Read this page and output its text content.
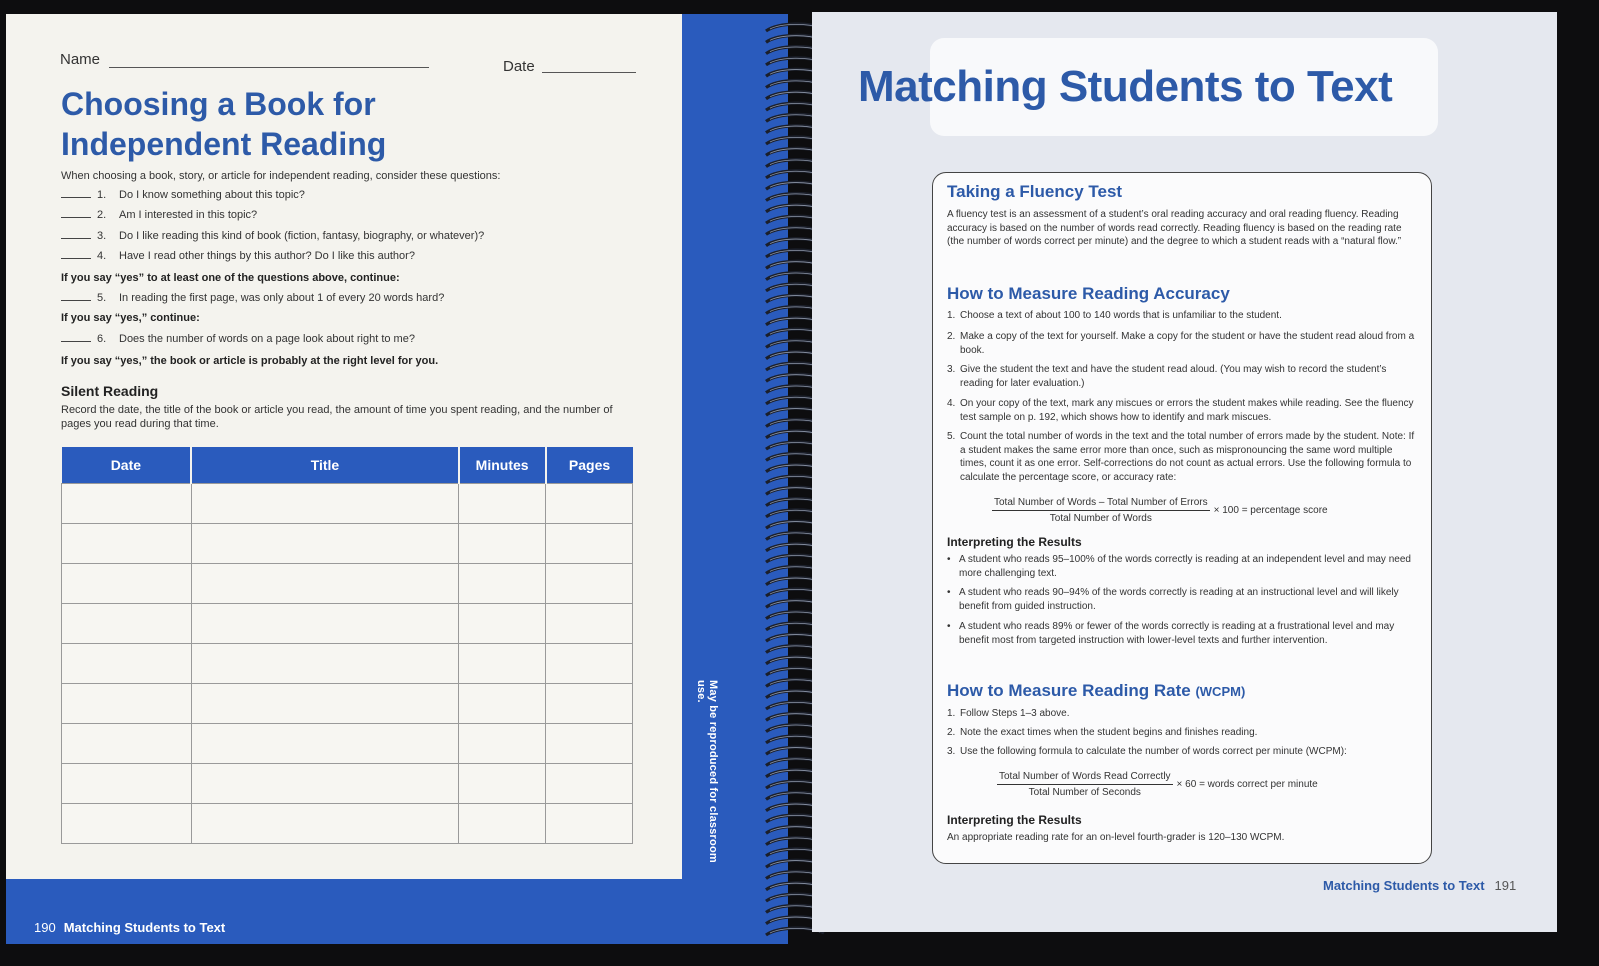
Name	Date
Choosing a Book for
Independent Reading
When choosing a book, story, or article for independent reading, consider these questions:
1. Do I know something about this topic?
2. Am I interested in this topic?
3. Do I like reading this kind of book (fiction, fantasy, biography, or whatever)?
4. Have I read other things by this author? Do I like this author?
If you say “yes” to at least one of the questions above, continue:
5. In reading the first page, was only about 1 of every 20 words hard?
If you say “yes,” continue:
6. Does the number of words on a page look about right to me?
If you say “yes,” the book or article is probably at the right level for you.
Silent Reading
Record the date, the title of the book or article you read, the amount of time you spent reading, and the number of pages you read during that time.
Date	Title	Minutes	Pages

May be reproduced for classroom use.
190 Matching Students to Text
Matching Students to Text
Taking a Fluency Test

A fluency test is an assessment of a student’s oral reading accuracy and oral reading fluency. Reading accuracy is based on the number of words read correctly. Reading fluency is based on the reading rate (the number of words correct per minute) and the degree to which a student reads with a “natural flow.”

How to Measure Reading Accuracy
1. Choose a text of about 100 to 140 words that is unfamiliar to the student.
2. Make a copy of the text for yourself. Make a copy for the student or have the student read aloud from a book.
3. Give the student the text and have the student read aloud. (You may wish to record the student’s reading for later evaluation.)
4. On your copy of the text, mark any miscues or errors the student makes while reading. See the fluency test sample on p. 192, which shows how to identify and mark miscues.
5. Count the total number of words in the text and the total number of errors made by the student. Note: If a student makes the same error more than once, such as mispronouncing the same word multiple times, count it as one error. Self-corrections do not count as actual errors. Use the following formula to calculate the percentage score, or accuracy rate:
$\frac{\text{Total Number of Words – Total Number of Errors}}{\text{Total Number of Words}} \times 100$ = percentage score
Interpreting the Results
• A student who reads 95–100% of the words correctly is reading at an independent level and may need more challenging text.
• A student who reads 90–94% of the words correctly is reading at an instructional level and will likely benefit from guided instruction.
• A student who reads 89% or fewer of the words correctly is reading at a frustrational level and may benefit most from targeted instruction with lower-level texts and further intervention.
How to Measure Reading Rate (WCPM)
1. Follow Steps 1–3 above.
2. Note the exact times when the student begins and finishes reading.
3. Use the following formula to calculate the number of words correct per minute (WCPM):
$\frac{\text{Total Number of Words Read Correctly}}{\text{Total Number of Seconds}} \times 60$ = words correct per minute
Interpreting the Results

An appropriate reading rate for an on-level fourth-grader is 120–130 WCPM.

Matching Students to Text 191
